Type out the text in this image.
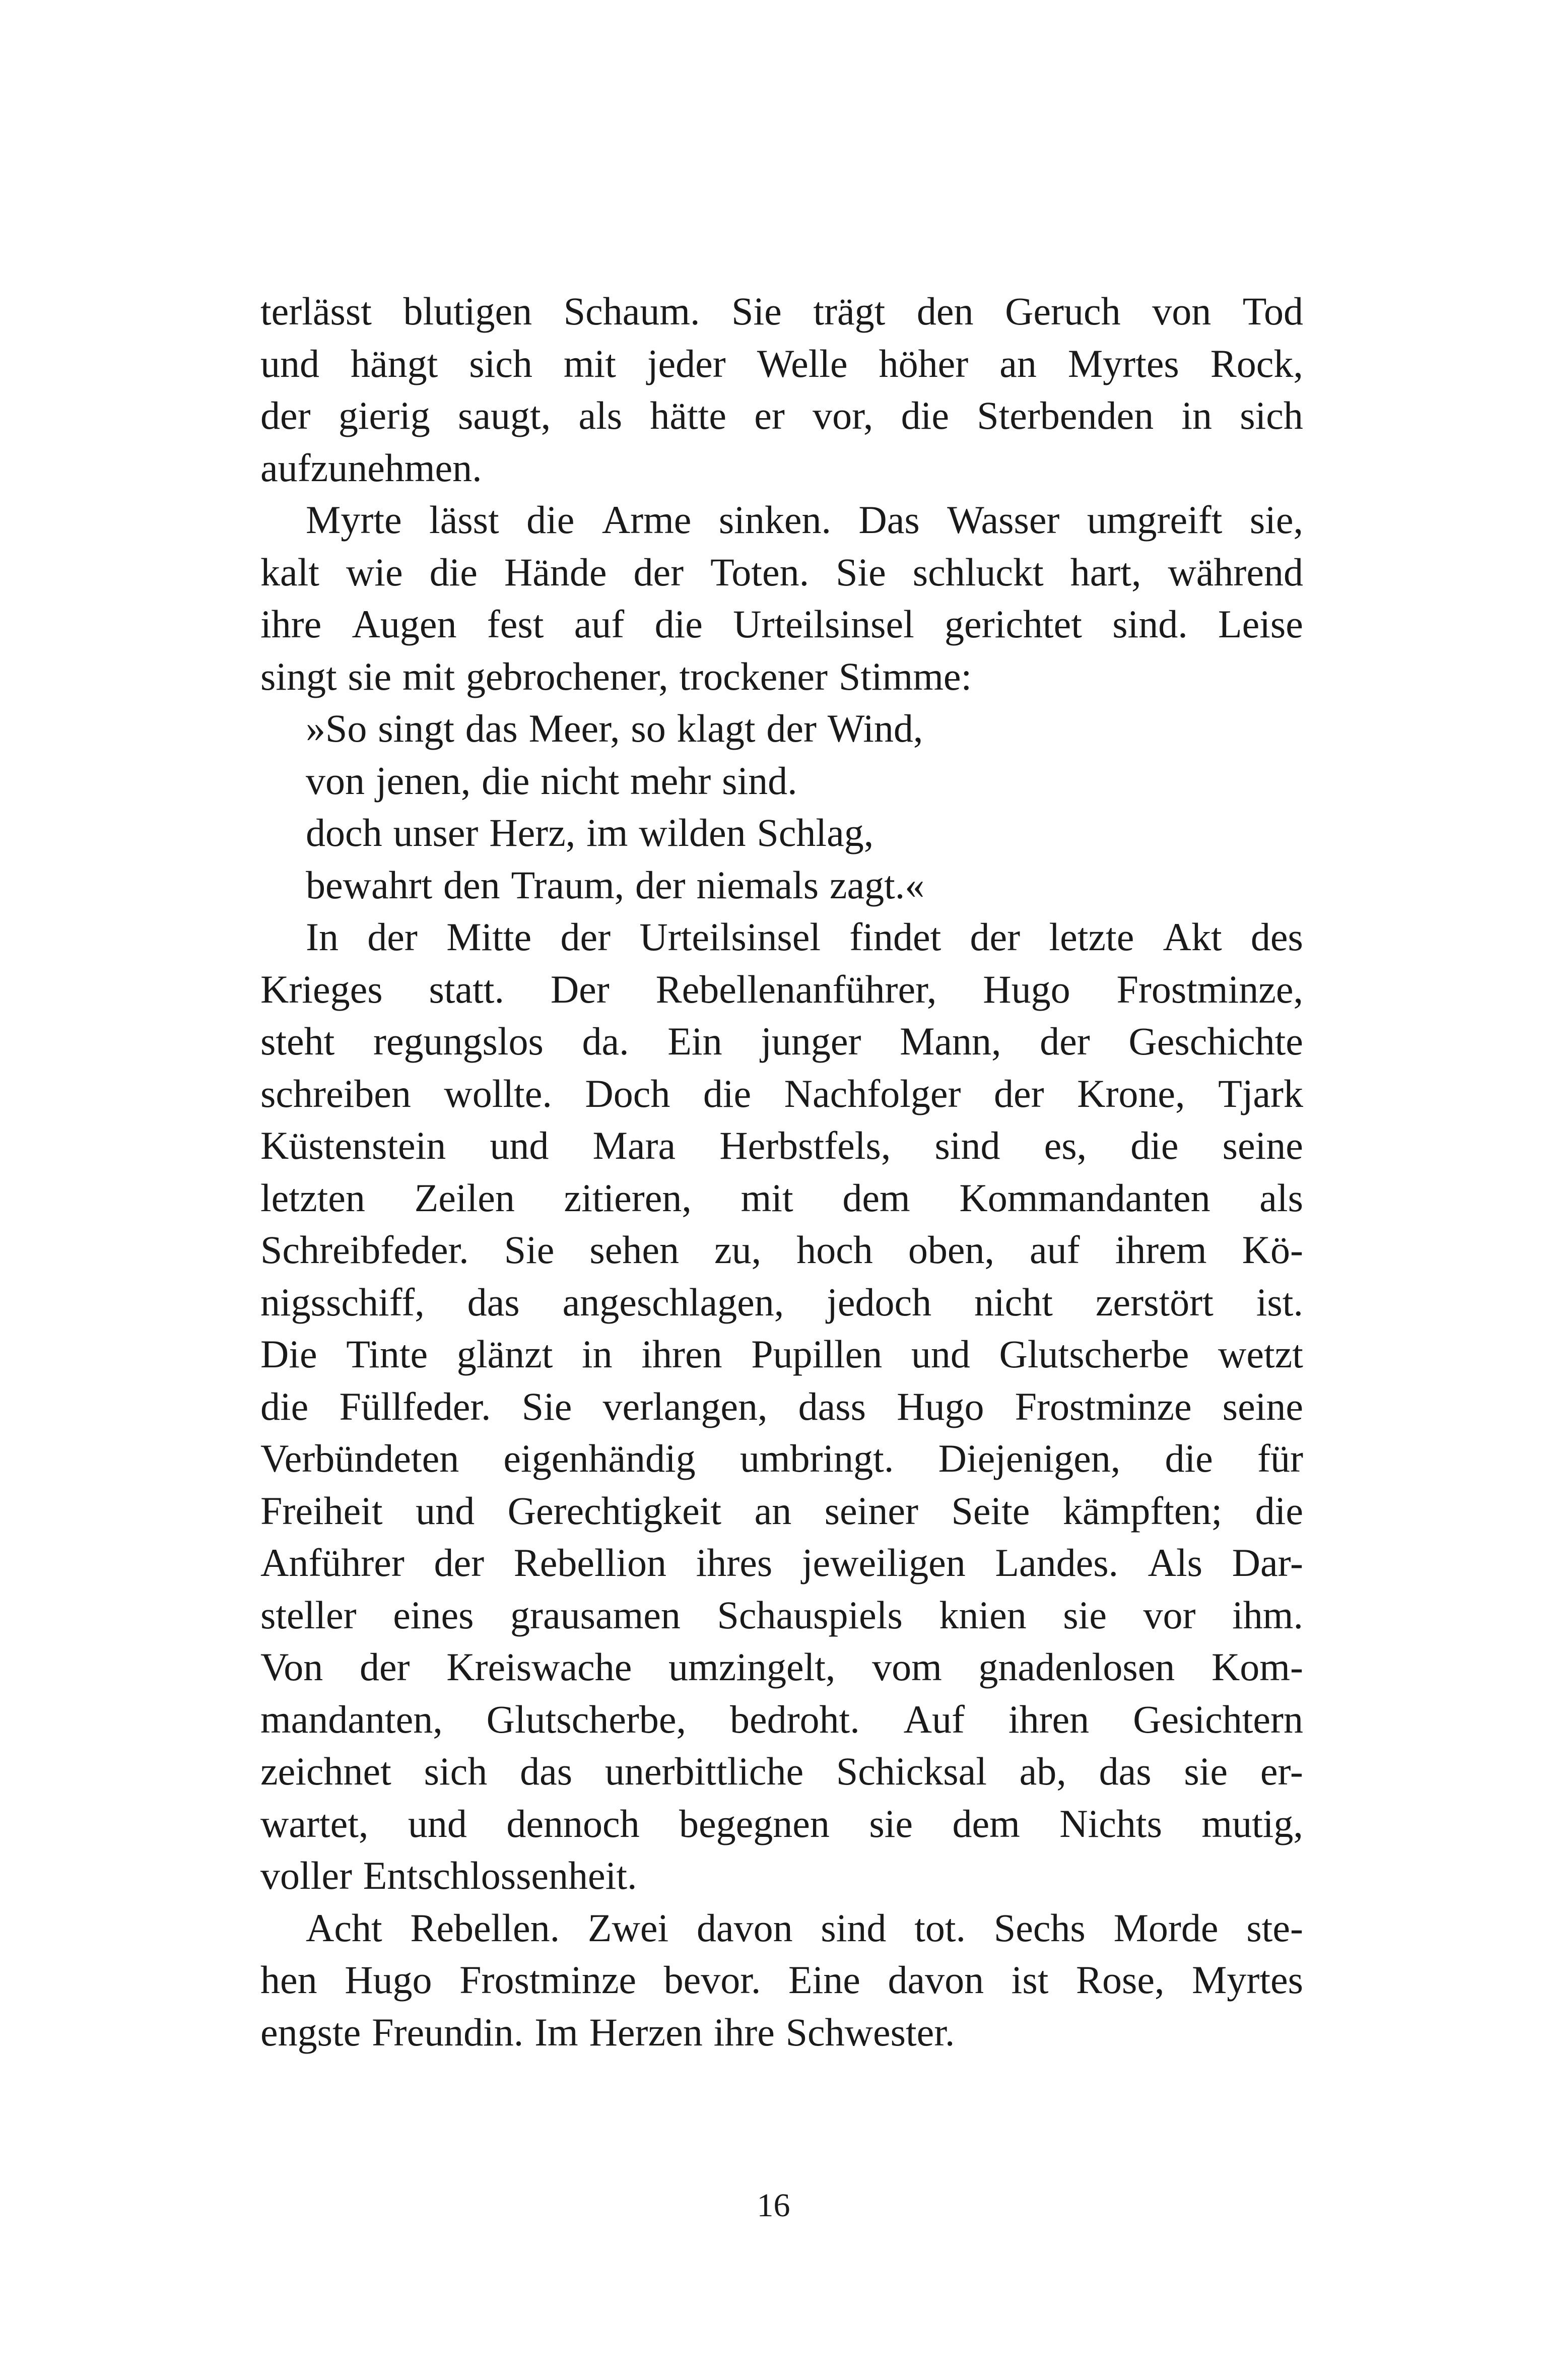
terlässt blutigen Schaum. Sie trägt den Geruch von Tod
und hängt sich mit jeder Welle höher an Myrtes Rock,
der gierig saugt, als hätte er vor, die Sterbenden in sich
aufzunehmen.
Myrte lässt die Arme sinken. Das Wasser umgreift sie,
kalt wie die Hände der Toten. Sie schluckt hart, während
ihre Augen fest auf die Urteilsinsel gerichtet sind. Leise
singt sie mit gebrochener, trockener Stimme:
»So singt das Meer, so klagt der Wind,
von jenen, die nicht mehr sind.
doch unser Herz, im wilden Schlag,
bewahrt den Traum, der niemals zagt.«
In der Mitte der Urteilsinsel findet der letzte Akt des
Krieges statt. Der Rebellenanführer, Hugo Frostminze,
steht regungslos da. Ein junger Mann, der Geschichte
schreiben wollte. Doch die Nachfolger der Krone, Tjark
Küstenstein und Mara Herbstfels, sind es, die seine
letzten Zeilen zitieren, mit dem Kommandanten als
Schreibfeder. Sie sehen zu, hoch oben, auf ihrem Kö-
nigsschiff, das angeschlagen, jedoch nicht zerstört ist.
Die Tinte glänzt in ihren Pupillen und Glutscherbe wetzt
die Füllfeder. Sie verlangen, dass Hugo Frostminze seine
Verbündeten eigenhändig umbringt. Diejenigen, die für
Freiheit und Gerechtigkeit an seiner Seite kämpften; die
Anführer der Rebellion ihres jeweiligen Landes. Als Dar-
steller eines grausamen Schauspiels knien sie vor ihm.
Von der Kreiswache umzingelt, vom gnadenlosen Kom-
mandanten, Glutscherbe, bedroht. Auf ihren Gesichtern
zeichnet sich das unerbittliche Schicksal ab, das sie er-
wartet, und dennoch begegnen sie dem Nichts mutig,
voller Entschlossenheit.
Acht Rebellen. Zwei davon sind tot. Sechs Morde ste-
hen Hugo Frostminze bevor. Eine davon ist Rose, Myrtes
engste Freundin. Im Herzen ihre Schwester.
16
